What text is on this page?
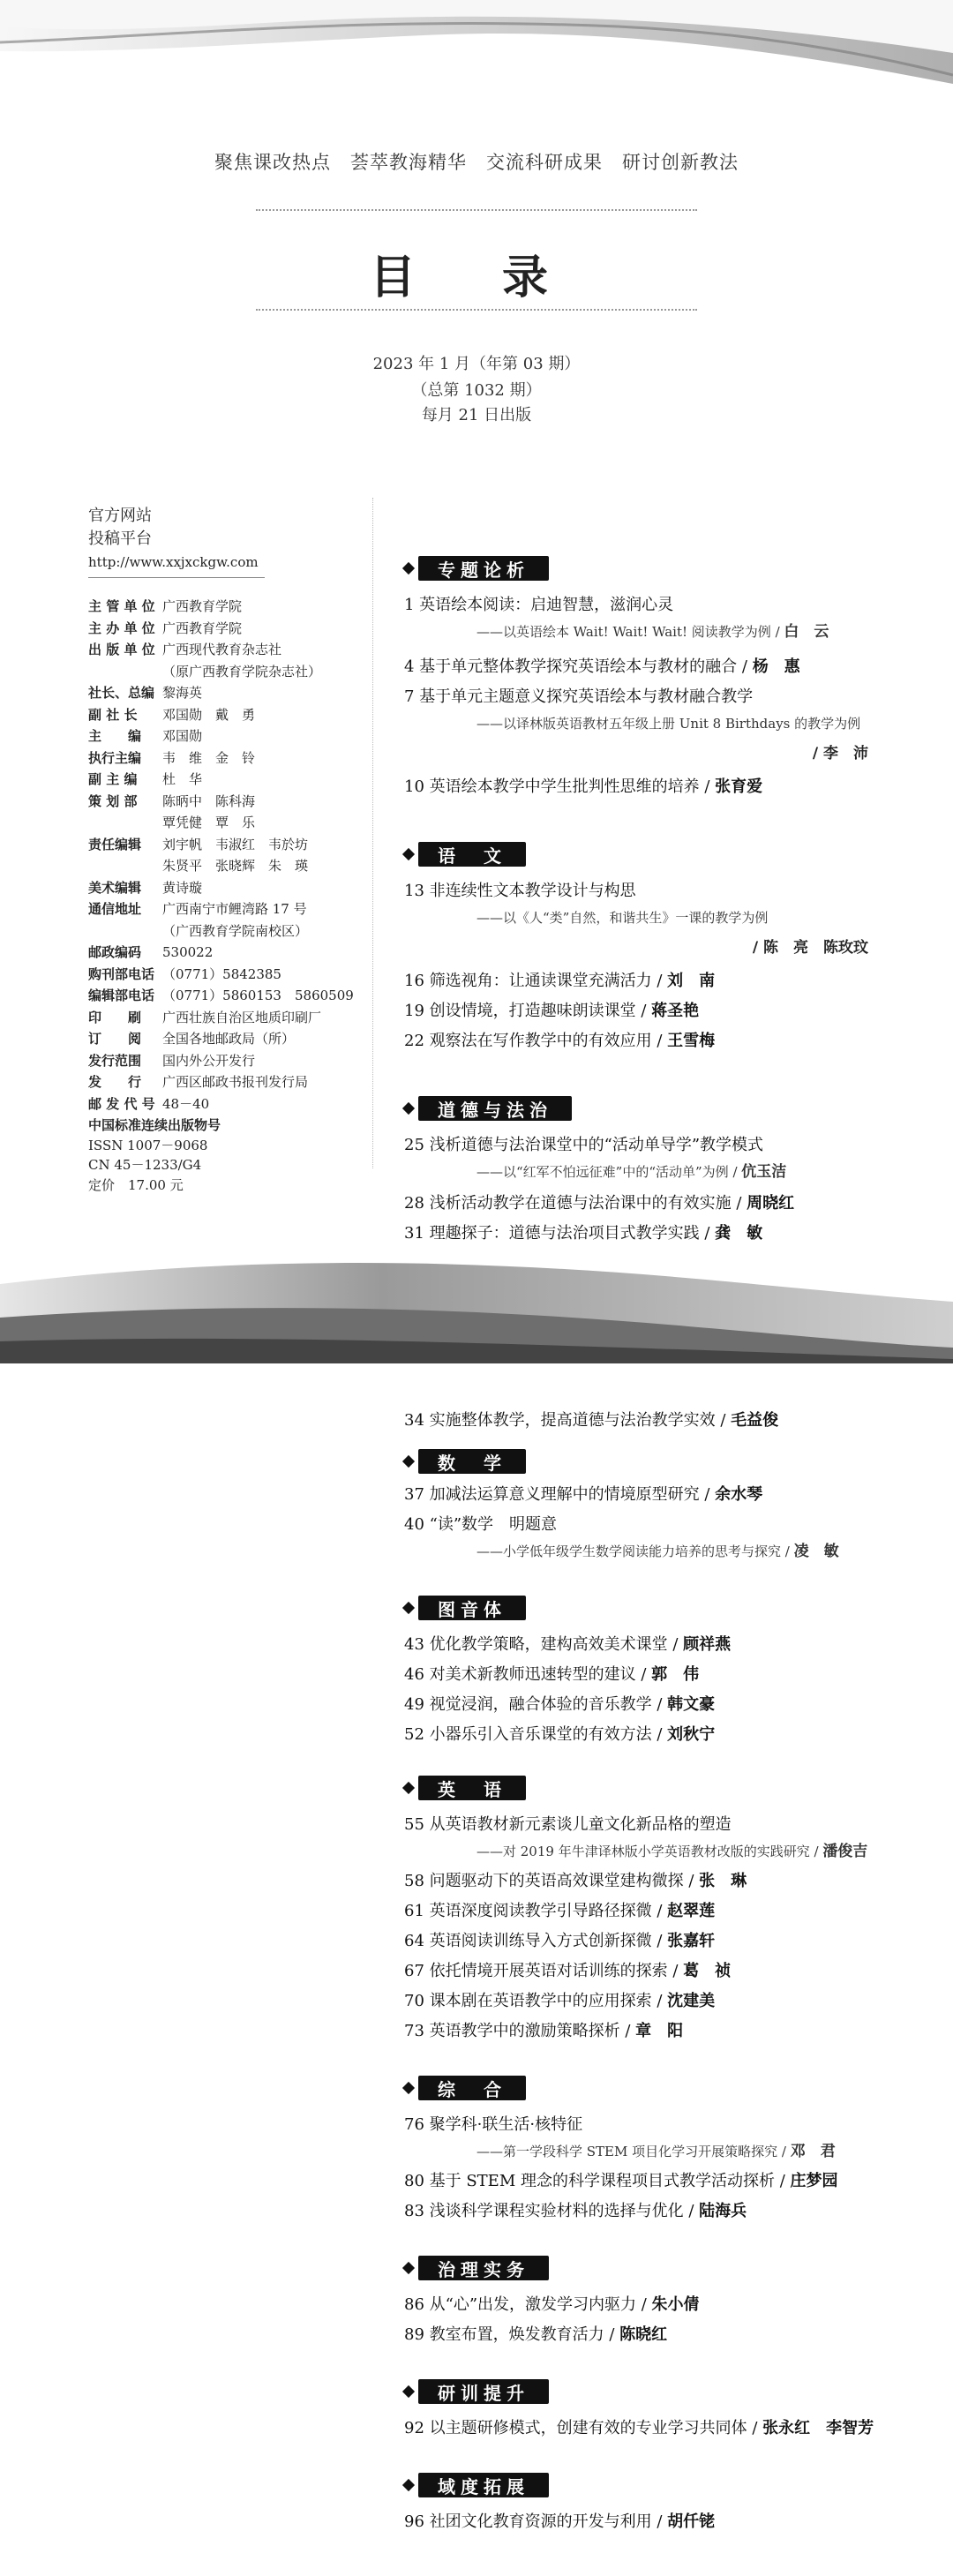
聚焦课改热点　荟萃教海精华　交流科研成果　研讨创新教法
目 录
2023 年 1 月（年第 03 期）
（总第 1032 期）
每月 21 日出版
官方网站
投稿平台
http://www.xxjxckgw.com
主 管 单 位 广西教育学院
主 办 单 位 广西教育学院
出 版 单 位 广西现代教育杂志社
（原广西教育学院杂志社）
社长、总编 黎海英
副 社 长 邓国勋　戴　勇
主　　编 邓国勋
执行主编 韦　维　金　铃
副 主 编 杜　华
策 划 部 陈昞中　陈科海
覃凭健　覃　乐
责任编辑 刘宇帆　韦淑红　韦於坊
朱贤平　张晓辉　朱　瑛
美术编辑 黄诗璇
通信地址 广西南宁市鲤湾路 17 号
（广西教育学院南校区）
邮政编码 530022
购刊部电话 （0771）5842385
编辑部电话 （0771）5860153　5860509
印　　刷 广西壮族自治区地质印刷厂
订　　阅 全国各地邮政局（所）
发行范围 国内外公开发行
发　　行 广西区邮政书报刊发行局
邮 发 代 号 48－40
中国标准连续出版物号
ISSN 1007－9068
CN 45－1233/G4
定价　17.00 元
专题论析
1 英语绘本阅读：启迪智慧，滋润心灵
——以英语绘本 Wait! Wait! Wait! 阅读教学为例 / 白　云
4 基于单元整体教学探究英语绘本与教材的融合 / 杨　惠
7 基于单元主题意义探究英语绘本与教材融合教学
——以译林版英语教材五年级上册 Unit 8 Birthdays 的教学为例
/ 李　沛
10 英语绘本教学中学生批判性思维的培养 / 张育爱
语　文
13 非连续性文本教学设计与构思
——以《人“类”自然，和谐共生》一课的教学为例
/ 陈　亮　陈玫玟
16 筛选视角：让通读课堂充满活力 / 刘　南
19 创设情境，打造趣味朗读课堂 / 蒋圣艳
22 观察法在写作教学中的有效应用 / 王雪梅
道德与法治
25 浅析道德与法治课堂中的“活动单导学”教学模式
——以“红军不怕远征难”中的“活动单”为例 / 伉玉洁
28 浅析活动教学在道德与法治课中的有效实施 / 周晓红
31 理趣探子：道德与法治项目式教学实践 / 龚　敏
34 实施整体教学，提高道德与法治教学实效 / 毛益俊
数　学
37 加减法运算意义理解中的情境原型研究 / 余水琴
40 “读”数学　明题意
——小学低年级学生数学阅读能力培养的思考与探究 / 凌　敏
图音体
43 优化教学策略，建构高效美术课堂 / 顾祥燕
46 对美术新教师迅速转型的建议 / 郭　伟
49 视觉浸润，融合体验的音乐教学 / 韩文豪
52 小器乐引入音乐课堂的有效方法 / 刘秋宁
英　语
55 从英语教材新元素谈儿童文化新品格的塑造
——对 2019 年牛津译林版小学英语教材改版的实践研究 / 潘俊吉
58 问题驱动下的英语高效课堂建构微探 / 张　琳
61 英语深度阅读教学引导路径探微 / 赵翠莲
64 英语阅读训练导入方式创新探微 / 张嘉轩
67 依托情境开展英语对话训练的探索 / 葛　祯
70 课本剧在英语教学中的应用探索 / 沈建美
73 英语教学中的激励策略探析 / 章　阳
综　合
76 聚学科·联生活·核特征
——第一学段科学 STEM 项目化学习开展策略探究 / 邓　君
80 基于 STEM 理念的科学课程项目式教学活动探析 / 庄梦园
83 浅谈科学课程实验材料的选择与优化 / 陆海兵
治理实务
86 从“心”出发，激发学习内驱力 / 朱小倩
89 教室布置，焕发教育活力 / 陈晓红
研训提升
92 以主题研修模式，创建有效的专业学习共同体 / 张永红　李智芳
域度拓展
96 社团文化教育资源的开发与利用 / 胡仟铑
